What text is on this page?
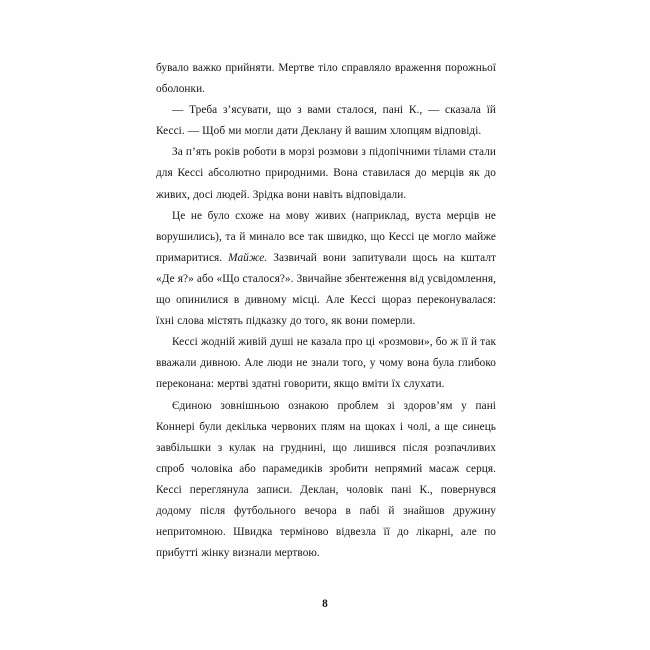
бувало важко прийняти. Мертве тіло справляло враження порожньої оболонки.

— Треба з’ясувати, що з вами сталося, пані К., — сказала їй Кессі. — Щоб ми могли дати Деклану й вашим хлопцям відповіді.

За п’ять років роботи в морзі розмови з підопічними тілами стали для Кессі абсолютно природними. Вона ставилася до мерців як до живих, досі людей. Зрідка вони навіть відповідали.

Це не було схоже на мову живих (наприклад, вуста мерців не ворушились), та й минало все так швидко, що Кессі це могло майже примаритися. Майже. Зазвичай вони запитували щось на кшталт «Де я?» або «Що сталося?». Звичайне збентеження від усвідомлення, що опинилися в дивному місці. Але Кессі щораз переконувалася: їхні слова містять підказку до того, як вони померли.

Кессі жодній живій душі не казала про ці «розмови», бо ж її й так вважали дивною. Але люди не знали того, у чому вона була глибоко переконана: мертві здатні говорити, якщо вміти їх слухати.

Єдиною зовнішньою ознакою проблем зі здоров’ям у пані Коннері були декілька червоних плям на щоках і чолі, а ще синець завбільшки з кулак на груднині, що лишився після розпачливих спроб чоловіка або парамедиків зробити непрямий масаж серця. Кессі переглянула записи. Деклан, чоловік пані К., повернувся додому після футбольного вечора в пабі й знайшов дружину непритомною. Швидка терміново відвезла її до лікарні, але по прибутті жінку визнали мертвою.

8
